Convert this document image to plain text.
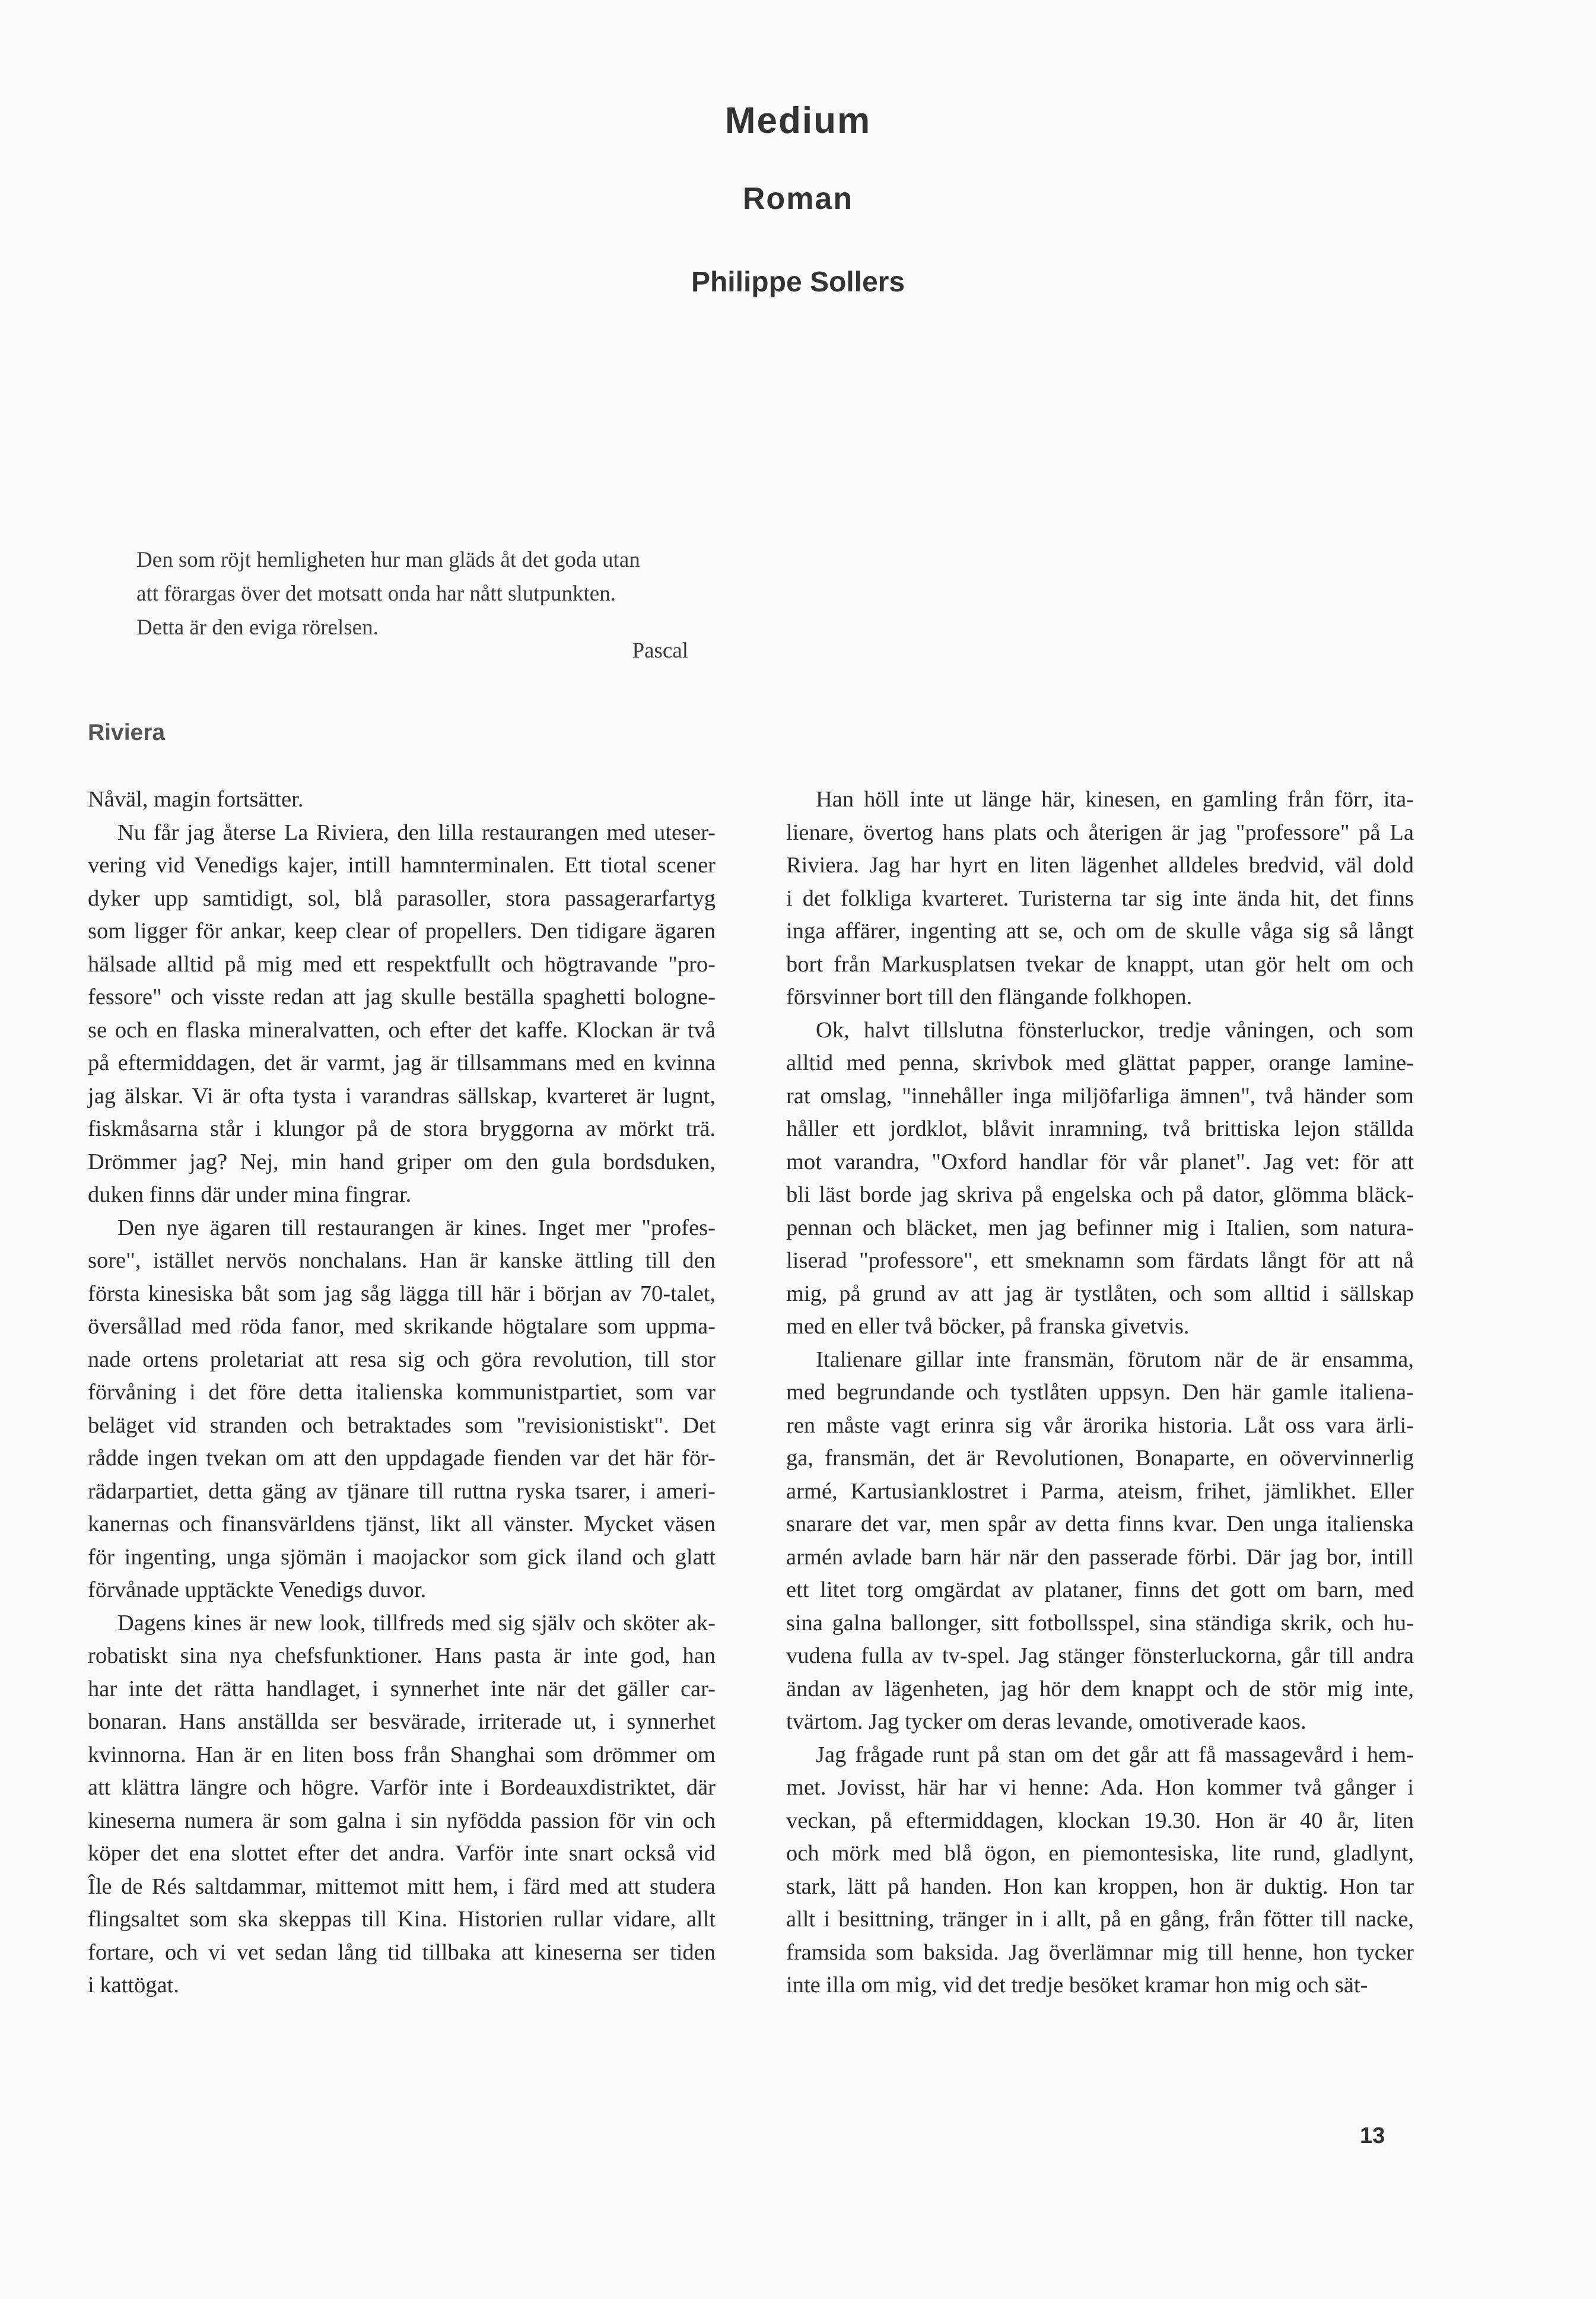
Medium
Roman
Philippe Sollers
Den som röjt hemligheten hur man gläds åt det goda utan
att förargas över det motsatt onda har nått slutpunkten.
Detta är den eviga rörelsen.
Pascal
Riviera
Nåväl, magin fortsätter.
Nu får jag återse La Riviera, den lilla restaurangen med uteser-
vering vid Venedigs kajer, intill hamnterminalen. Ett tiotal scener
dyker upp samtidigt, sol, blå parasoller, stora passagerarfartyg
som ligger för ankar, keep clear of propellers. Den tidigare ägaren
hälsade alltid på mig med ett respektfullt och högtravande "pro-
fessore" och visste redan att jag skulle beställa spaghetti bologne-
se och en flaska mineralvatten, och efter det kaffe. Klockan är två
på eftermiddagen, det är varmt, jag är tillsammans med en kvinna
jag älskar. Vi är ofta tysta i varandras sällskap, kvarteret är lugnt,
fiskmåsarna står i klungor på de stora bryggorna av mörkt trä.
Drömmer jag? Nej, min hand griper om den gula bordsduken,
duken finns där under mina fingrar.
Den nye ägaren till restaurangen är kines. Inget mer "profes-
sore", istället nervös nonchalans. Han är kanske ättling till den
första kinesiska båt som jag såg lägga till här i början av 70-talet,
översållad med röda fanor, med skrikande högtalare som uppma-
nade ortens proletariat att resa sig och göra revolution, till stor
förvåning i det före detta italienska kommunistpartiet, som var
beläget vid stranden och betraktades som "revisionistiskt". Det
rådde ingen tvekan om att den uppdagade fienden var det här för-
rädarpartiet, detta gäng av tjänare till ruttna ryska tsarer, i ameri-
kanernas och finansvärldens tjänst, likt all vänster. Mycket väsen
för ingenting, unga sjömän i maojackor som gick iland och glatt
förvånade upptäckte Venedigs duvor.
Dagens kines är new look, tillfreds med sig själv och sköter ak-
robatiskt sina nya chefsfunktioner. Hans pasta är inte god, han
har inte det rätta handlaget, i synnerhet inte när det gäller car-
bonaran. Hans anställda ser besvärade, irriterade ut, i synnerhet
kvinnorna. Han är en liten boss från Shanghai som drömmer om
att klättra längre och högre. Varför inte i Bordeauxdistriktet, där
kineserna numera är som galna i sin nyfödda passion för vin och
köper det ena slottet efter det andra. Varför inte snart också vid
Île de Rés saltdammar, mittemot mitt hem, i färd med att studera
flingsaltet som ska skeppas till Kina. Historien rullar vidare, allt
fortare, och vi vet sedan lång tid tillbaka att kineserna ser tiden
i kattögat.
Han höll inte ut länge här, kinesen, en gamling från förr, ita-
lienare, övertog hans plats och återigen är jag "professore" på La
Riviera. Jag har hyrt en liten lägenhet alldeles bredvid, väl dold
i det folkliga kvarteret. Turisterna tar sig inte ända hit, det finns
inga affärer, ingenting att se, och om de skulle våga sig så långt
bort från Markusplatsen tvekar de knappt, utan gör helt om och
försvinner bort till den flängande folkhopen.
Ok, halvt tillslutna fönsterluckor, tredje våningen, och som
alltid med penna, skrivbok med glättat papper, orange lamine-
rat omslag, "innehåller inga miljöfarliga ämnen", två händer som
håller ett jordklot, blåvit inramning, två brittiska lejon ställda
mot varandra, "Oxford handlar för vår planet". Jag vet: för att
bli läst borde jag skriva på engelska och på dator, glömma bläck-
pennan och bläcket, men jag befinner mig i Italien, som natura-
liserad "professore", ett smeknamn som färdats långt för att nå
mig, på grund av att jag är tystlåten, och som alltid i sällskap
med en eller två böcker, på franska givetvis.
Italienare gillar inte fransmän, förutom när de är ensamma,
med begrundande och tystlåten uppsyn. Den här gamle italiena-
ren måste vagt erinra sig vår ärorika historia. Låt oss vara ärli-
ga, fransmän, det är Revolutionen, Bonaparte, en oövervinnerlig
armé, Kartusianklostret i Parma, ateism, frihet, jämlikhet. Eller
snarare det var, men spår av detta finns kvar. Den unga italienska
armén avlade barn här när den passerade förbi. Där jag bor, intill
ett litet torg omgärdat av plataner, finns det gott om barn, med
sina galna ballonger, sitt fotbollsspel, sina ständiga skrik, och hu-
vudena fulla av tv-spel. Jag stänger fönsterluckorna, går till andra
ändan av lägenheten, jag hör dem knappt och de stör mig inte,
tvärtom. Jag tycker om deras levande, omotiverade kaos.
Jag frågade runt på stan om det går att få massagevård i hem-
met. Jovisst, här har vi henne: Ada. Hon kommer två gånger i
veckan, på eftermiddagen, klockan 19.30. Hon är 40 år, liten
och mörk med blå ögon, en piemontesiska, lite rund, gladlynt,
stark, lätt på handen. Hon kan kroppen, hon är duktig. Hon tar
allt i besittning, tränger in i allt, på en gång, från fötter till nacke,
framsida som baksida. Jag överlämnar mig till henne, hon tycker
inte illa om mig, vid det tredje besöket kramar hon mig och sät-
13
